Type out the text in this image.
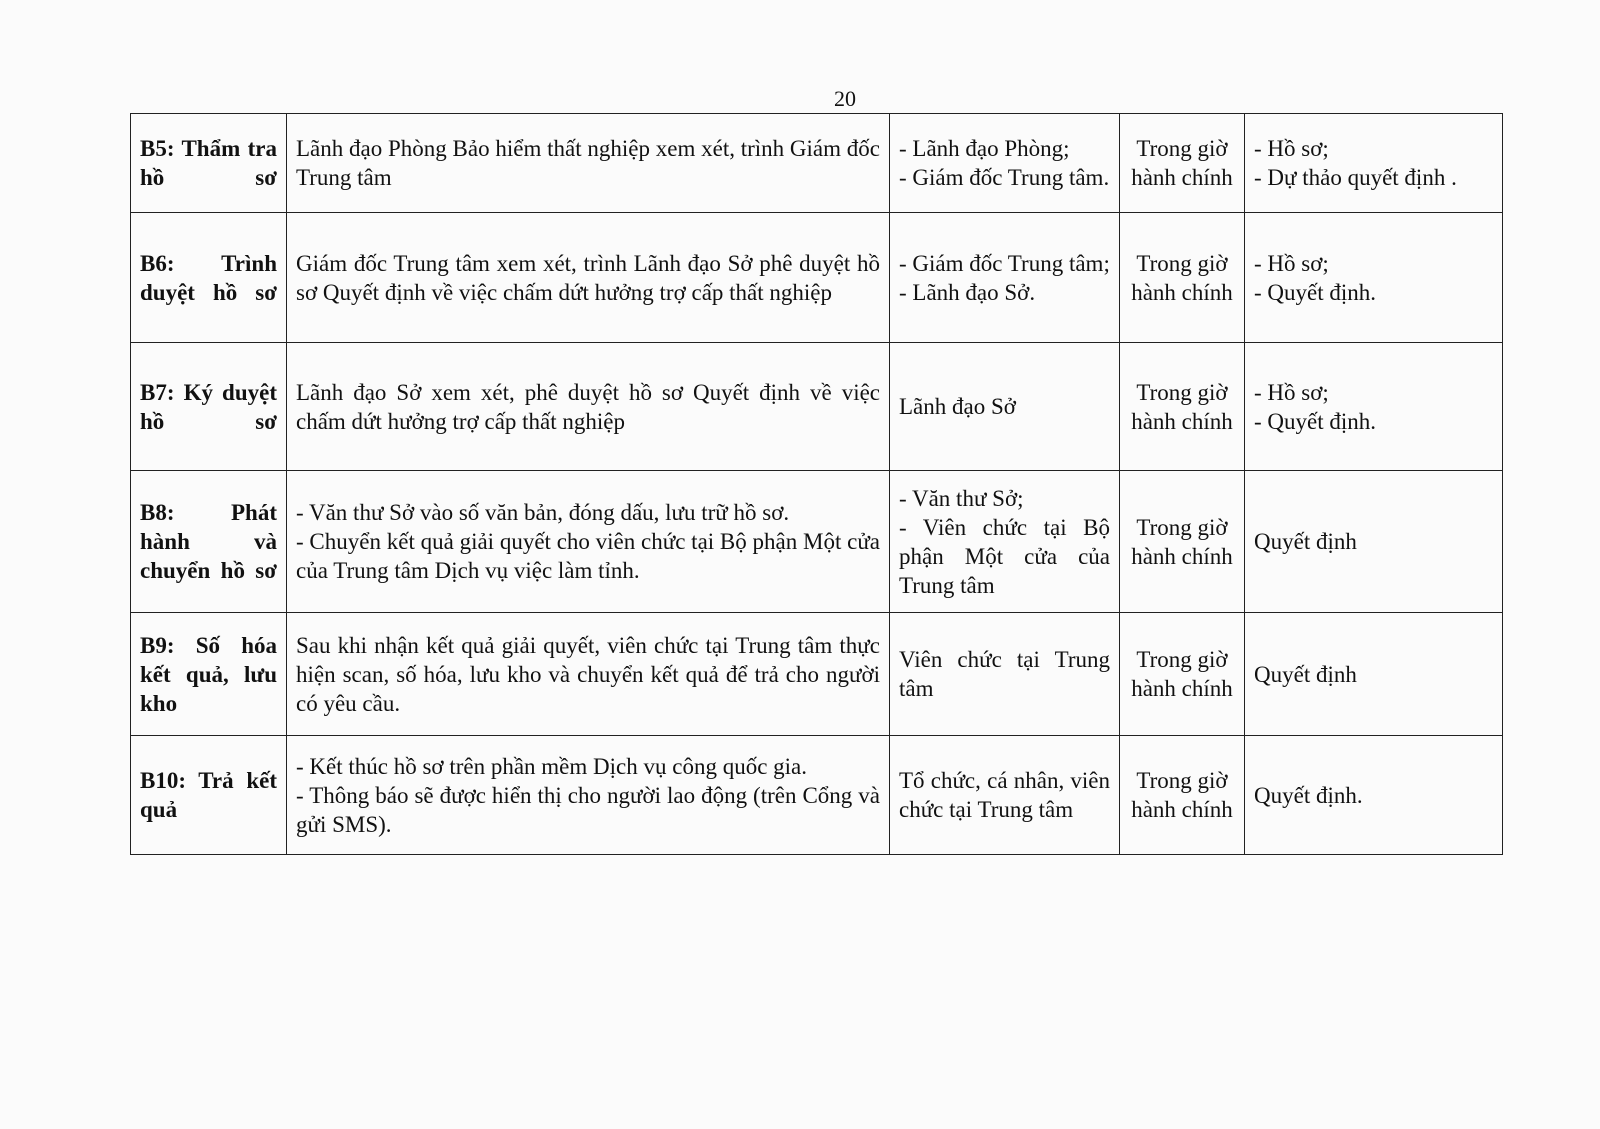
20
B5: Thẩm tra hồ sơ	Lãnh đạo Phòng Bảo hiểm thất nghiệp xem xét, trình Giám đốc Trung tâm	- Lãnh đạo Phòng;
- Giám đốc Trung tâm.	Trong giờ hành chính	- Hồ sơ;
- Dự thảo quyết định .

B6: Trình duyệt hồ sơ	Giám đốc Trung tâm xem xét, trình Lãnh đạo Sở phê duyệt hồ sơ Quyết định về việc chấm dứt hưởng trợ cấp thất nghiệp	- Giám đốc Trung tâm;
- Lãnh đạo Sở.	Trong giờ hành chính	- Hồ sơ;
- Quyết định.

B7: Ký duyệt hồ sơ	Lãnh đạo Sở xem xét, phê duyệt hồ sơ Quyết định về việc chấm dứt hưởng trợ cấp thất nghiệp	Lãnh đạo Sở	Trong giờ hành chính	- Hồ sơ;
- Quyết định.

B8: Phát hành và chuyển hồ sơ	- Văn thư Sở vào số văn bản, đóng dấu, lưu trữ hồ sơ.
- Chuyển kết quả giải quyết cho viên chức tại Bộ phận Một cửa của Trung tâm Dịch vụ việc làm tỉnh.	- Văn thư Sở;
- Viên chức tại Bộ phận Một cửa của Trung tâm	Trong giờ hành chính	Quyết định

B9: Số hóa kết quả, lưu kho	Sau khi nhận kết quả giải quyết, viên chức tại Trung tâm thực hiện scan, số hóa, lưu kho và chuyển kết quả để trả cho người có yêu cầu.	Viên chức tại Trung tâm	Trong giờ hành chính	Quyết định

B10: Trả kết quả	- Kết thúc hồ sơ trên phần mềm Dịch vụ công quốc gia.
- Thông báo sẽ được hiển thị cho người lao động (trên Cổng và gửi SMS).	Tổ chức, cá nhân, viên chức tại Trung tâm	Trong giờ hành chính	Quyết định.
